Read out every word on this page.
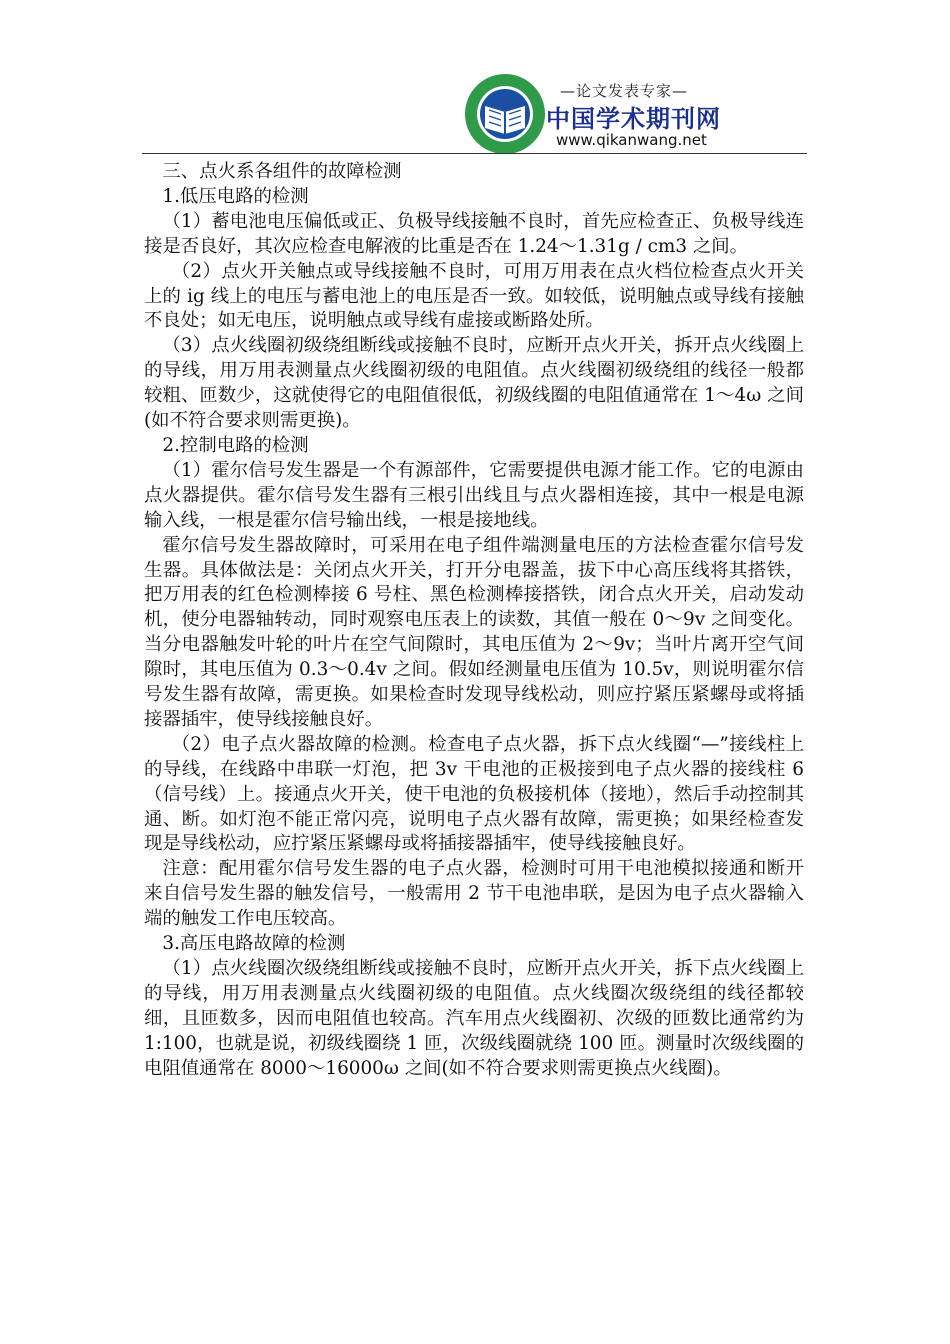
—论文发表专家—
中国学术期刊网
www.qikanwang.net

三、点火系各组件的故障检测

1.低压电路的检测

（1）蓄电池电压偏低或正、负极导线接触不良时，首先应检查正、负极导线连接是否良好，其次应检查电解液的比重是否在 1.24～1.31g / cm3 之间。

（2）点火开关触点或导线接触不良时，可用万用表在点火档位检查点火开关上的 ig 线上的电压与蓄电池上的电压是否一致。如较低，说明触点或导线有接触不良处；如无电压，说明触点或导线有虚接或断路处所。

（3）点火线圈初级绕组断线或接触不良时，应断开点火开关，拆开点火线圈上的导线，用万用表测量点火线圈初级的电阻值。点火线圈初级绕组的线径一般都较粗、匝数少，这就使得它的电阻值很低，初级线圈的电阻值通常在 1～4ω 之间(如不符合要求则需更换)。

2.控制电路的检测

（1）霍尔信号发生器是一个有源部件，它需要提供电源才能工作。它的电源由点火器提供。霍尔信号发生器有三根引出线且与点火器相连接，其中一根是电源输入线，一根是霍尔信号输出线，一根是接地线。

霍尔信号发生器故障时，可采用在电子组件端测量电压的方法检查霍尔信号发生器。具体做法是：关闭点火开关，打开分电器盖，拔下中心高压线将其搭铁，把万用表的红色检测棒接 6 号柱、黑色检测棒接搭铁，闭合点火开关，启动发动机，使分电器轴转动，同时观察电压表上的读数，其值一般在 0～9v 之间变化。当分电器触发叶轮的叶片在空气间隙时，其电压值为 2～9v；当叶片离开空气间隙时，其电压值为 0.3～0.4v 之间。假如经测量电压值为 10.5v，则说明霍尔信号发生器有故障，需更换。如果检查时发现导线松动，则应拧紧压紧螺母或将插接器插牢，使导线接触良好。

（2）电子点火器故障的检测。检查电子点火器，拆下点火线圈“—”接线柱上的导线，在线路中串联一灯泡，把 3v 干电池的正极接到电子点火器的接线柱 6（信号线）上。接通点火开关，使干电池的负极接机体（接地），然后手动控制其通、断。如灯泡不能正常闪亮，说明电子点火器有故障，需更换；如果经检查发现是导线松动，应拧紧压紧螺母或将插接器插牢，使导线接触良好。

注意：配用霍尔信号发生器的电子点火器，检测时可用干电池模拟接通和断开来自信号发生器的触发信号，一般需用 2 节干电池串联，是因为电子点火器输入端的触发工作电压较高。

3.高压电路故障的检测

（1）点火线圈次级绕组断线或接触不良时，应断开点火开关，拆下点火线圈上的导线，用万用表测量点火线圈初级的电阻值。点火线圈次级绕组的线径都较细，且匝数多，因而电阻值也较高。汽车用点火线圈初、次级的匝数比通常约为 1:100，也就是说，初级线圈绕 1 匝，次级线圈就绕 100 匝。测量时次级线圈的电阻值通常在 8000～16000ω 之间(如不符合要求则需更换点火线圈)。
